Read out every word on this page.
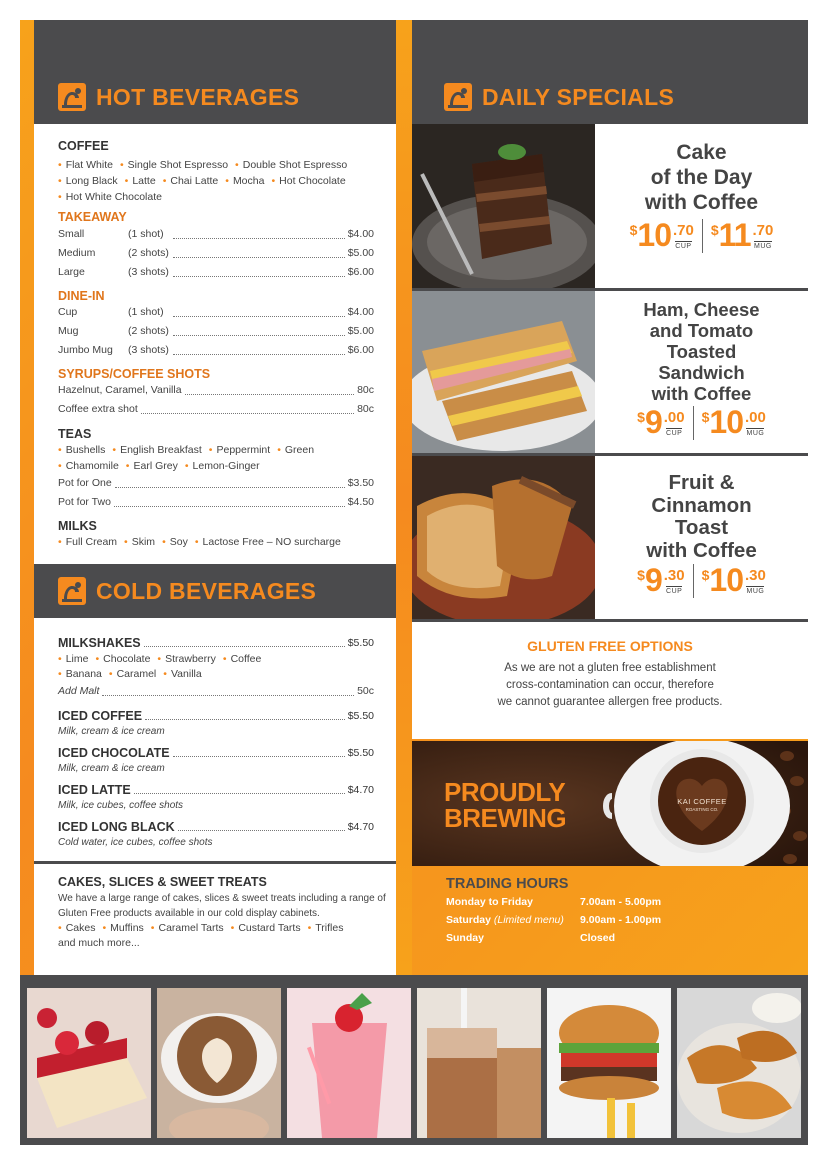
HOT BEVERAGES
COFFEE
• Flat White • Single Shot Espresso • Double Shot Espresso
• Long Black • Latte • Chai Latte • Mocha • Hot Chocolate
• Hot White Chocolate
TAKEAWAY
Small	(1 shot)	$4.00
Medium	(2 shots)	$5.00
Large	(3 shots)	$6.00
DINE-IN
Cup	(1 shot)	$4.00
Mug	(2 shots)	$5.00
Jumbo Mug	(3 shots)	$6.00
SYRUPS/COFFEE SHOTS
Hazelnut, Caramel, Vanilla	80c
Coffee extra shot	80c
TEAS
• Bushells • English Breakfast • Peppermint • Green
• Chamomile • Earl Grey • Lemon-Ginger
Pot for One	$3.50
Pot for Two	$4.50
MILKS
• Full Cream • Skim • Soy • Lactose Free – NO surcharge
COLD BEVERAGES
MILKSHAKES	$5.50
• Lime • Chocolate • Strawberry • Coffee
• Banana • Caramel • Vanilla
Add Malt	50c
ICED COFFEE	$5.50
Milk, cream & ice cream
ICED CHOCOLATE	$5.50
Milk, cream & ice cream
ICED LATTE	$4.70
Milk, ice cubes, coffee shots
ICED LONG BLACK	$4.70
Cold water, ice cubes, coffee shots
CAKES, SLICES & SWEET TREATS
We have a large range of cakes, slices & sweet treats including a range of Gluten Free products available in our cold display cabinets.
• Cakes • Muffins • Caramel Tarts • Custard Tarts • Trifles
and much more...
DAILY SPECIALS
Cake
of the Day
with Coffee
$ 10 .70
CUP
$ 11 .70
MUG
Ham, Cheese
and Tomato
Toasted
Sandwich
with Coffee
$ 9 .00
CUP
$ 10 .00
MUG
Fruit &
Cinnamon
Toast
with Coffee
$ 9 .30
CUP
$ 10 .30
MUG
GLUTEN FREE OPTIONS
As we are not a gluten free establishment
cross-contamination can occur, therefore
we cannot guarantee allergen free products.
PROUDLY
BREWING
KAI COFFEE
ROASTING CO.
TRADING HOURS
Monday to Friday	7.00am - 5.00pm
Saturday (Limited menu)	9.00am - 1.00pm
Sunday	Closed
